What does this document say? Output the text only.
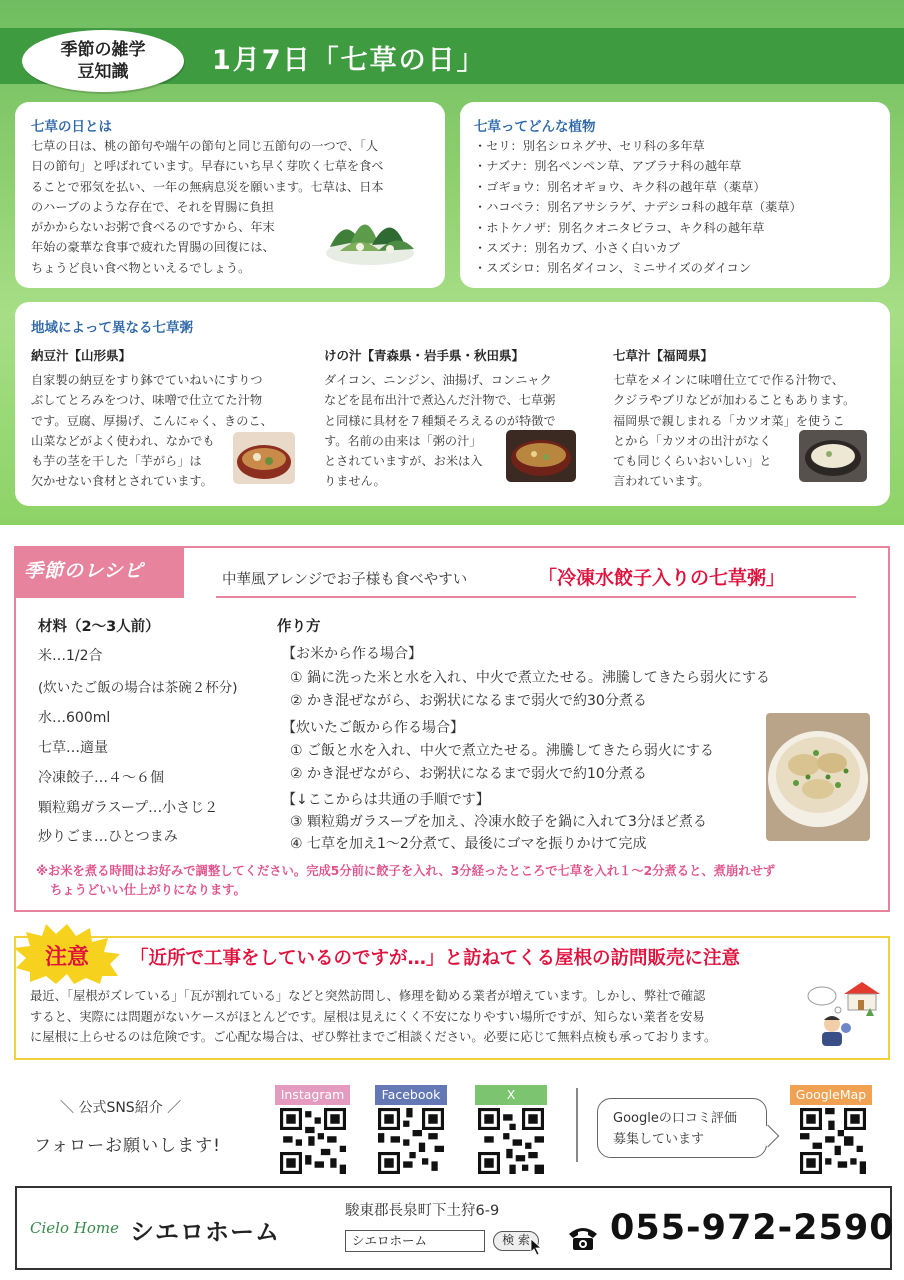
季節の雑学
豆知識	1月7日「七草の日」
七草の日とは
七草の日は、桃の節句や端午の節句と同じ五節句の一つで、「人
日の節句」と呼ばれています。早春にいち早く芽吹く七草を食べ
ることで邪気を払い、一年の無病息災を願います。七草は、日本
のハーブのような存在で、それを胃腸に負担
がかからないお粥で食べるのですから、年末
年始の豪華な食事で疲れた胃腸の回復には、
ちょうど良い食べ物といえるでしょう。
七草ってどんな植物
・ セリ：別名シロネグサ、セリ科の多年草
・ ナズナ：別名ペンペン草、アブラナ科の越年草
・ ゴギョウ：別名オギョウ、キク科の越年草（薬草）
・ ハコベラ：別名アサシラゲ、ナデシコ科の越年草（薬草）
・ ホトケノザ：別名クオニタビラコ、キク科の越年草
・ スズナ：別名カブ、小さく白いカブ
・ スズシロ：別名ダイコン、ミニサイズのダイコン
地域によって異なる七草粥
納豆汁【山形県】
自家製の納豆をすり鉢でていねいにすりつ
ぶしてとろみをつけ、味噌で仕立てた汁物
です。豆腐、厚揚げ、こんにゃく、きのこ、
山菜などがよく使われ、なかでも
も芋の茎を干した「芋がら」は
欠かせない食材とされています。
けの汁【青森県・岩手県・秋田県】
ダイコン、ニンジン、油揚げ、コンニャク
などを昆布出汁で煮込んだ汁物で、七草粥
と同様に具材を７種類そろえるのが特徴で
す。名前の由来は「粥の汁」
とされていますが、お米は入
りません。
七草汁【福岡県】
七草をメインに味噌仕立てで作る汁物で、
クジラやブリなどが加わることもあります。
福岡県で親しまれる「カツオ菜」を使うこ
とから「カツオの出汁がなく
ても同じくらいおいしい」と
言われています。
季節のレシピ	中華風アレンジでお子様も食べやすい	「冷凍水餃子入りの七草粥」
材料（2～3人前）
米…1/2合
(炊いたご飯の場合は茶碗２杯分)
水…600ml
七草…適量
冷凍餃子…４～６個
顆粒鶏ガラスープ…小さじ２
炒りごま…ひとつまみ
作り方
【お米から作る場合】
① 鍋に洗った米と水を入れ、中火で煮立たせる。沸騰してきたら弱火にする
② かき混ぜながら、お粥状になるまで弱火で約30分煮る
【炊いたご飯から作る場合】
① ご飯と水を入れ、中火で煮立たせる。沸騰してきたら弱火にする
② かき混ぜながら、お粥状になるまで弱火で約10分煮る
【↓ここからは共通の手順です】
③ 顆粒鶏ガラスープを加え、冷凍水餃子を鍋に入れて3分ほど煮る
④ 七草を加え1～2分煮て、最後にゴマを振りかけて完成
※お米を煮る時間はお好みで調整してください。完成5分前に餃子を入れ、3分経ったところで七草を入れ１～2分煮ると、煮崩れせず
ちょうどいい仕上がりになります。
注意 「近所で工事をしているのですが…」と訪ねてくる屋根の訪問販売に注意
最近、「屋根がズレている」「瓦が割れている」などと突然訪問し、修理を勧める業者が増えています。しかし、弊社で確認
すると、実際には問題がないケースがほとんどです。屋根は見えにくく不安になりやすい場所ですが、知らない業者を安易
に屋根に上らせるのは危険です。ご心配な場合は、ぜひ弊社までご相談ください。必要に応じて無料点検も承っております。
＼ 公式SNS紹介 ／
フォローお願いします!
Instagram	Facebook	X	GoogleMap
Googleの口コミ評価
募集しています
Cielo Home シエロホーム
駿東郡長泉町下土狩6-9
シエロホーム	検 索 055-972-2590
